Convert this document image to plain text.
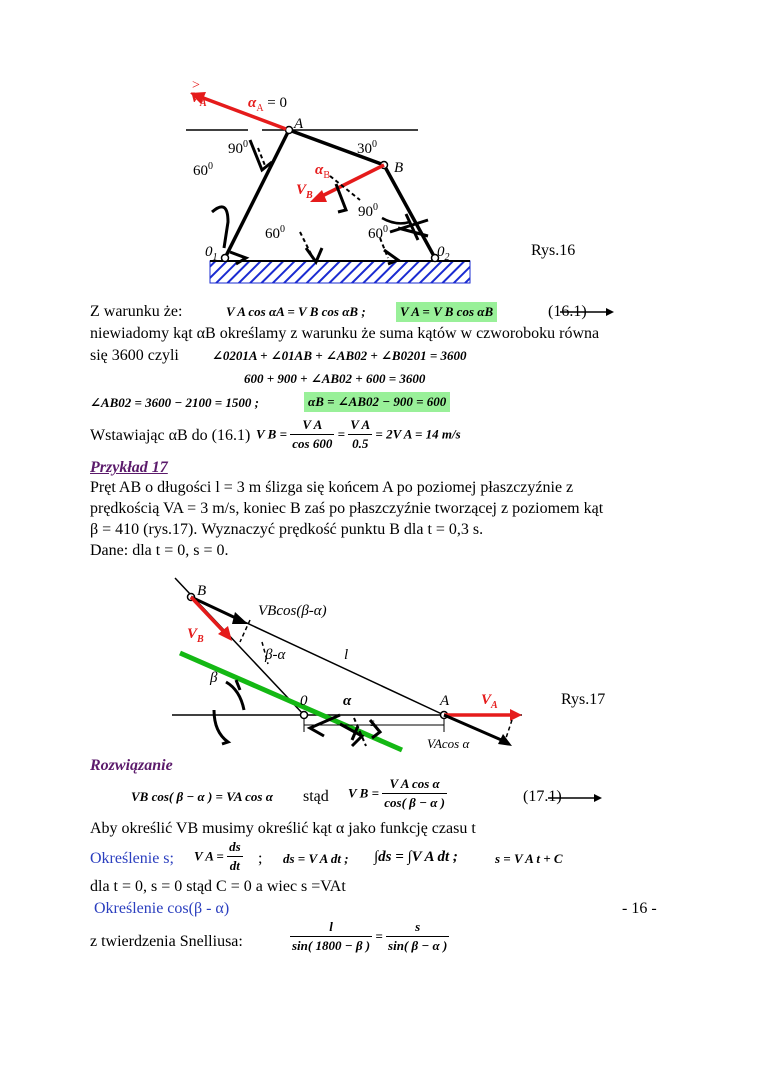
$V_A$
>
$\alpha_A = 0$
A
$90^0$	$30^0$
$60^0$	$\alpha_B$	B
$V_B$
$90^0$
$60^0$	$60^0$
$0_1$	$0_2$	Rys.16
Z warunku że:	V A cos αA = V B cos αB ;	V A = V B cos αB	(16.1)
niewiadomy kąt αB określamy z warunku że suma kątów w czworoboku równa
się 3600 czyli	∠0201A + ∠01AB + ∠AB02 + ∠B0201 = 3600
600 + 900 + ∠AB02 + 600 = 3600
∠AB02 = 3600 − 2100 = 1500 ;	αB = ∠AB02 − 900 = 600
Wstawiając αB do (16.1) V $B = \frac{\text{V A}}{\cos 600} = \frac{\text{V A}}{0.5} = 2V$ A = 14 m/s
Przykład 17
Pręt AB o długości l = 3 m ślizga się końcem A po poziomej płaszczyźnie z
prędkością VA = 3 m/s, koniec B zaś po płaszczyźnie tworzącej z poziomem kąt
β = 410 (rys.17). Wyznaczyć prędkość punktu B dla t = 0,3 s.
Dane: dla t = 0, s = 0.
B
VBcos(β-α)
$V_B$
β-α	l
β
0 α	A $V_A$
s
VAcos α
Rys.17
Rozwiązanie
VB cos( β − α ) = VA cos α stąd V $B = \frac{\text{V A cos α}}{\cos( \beta - \alpha )}$	(17.1)
Aby określić VB musimy określić kąt α jako funkcję czasu t
Określenie s; V $A = \frac{ds}{dt}$ ; ds = V A dt ; ∫ds = ∫V A dt ;	s = V A t + C
dla t = 0, s = 0 stąd C = 0 a wiec s =VAt
Określenie cos(β - α)	- 16 -
z twierdzenia Snelliusa:	$\frac{l}{\sin( 1800 - \beta )} = \frac{s}{\sin( \beta - \alpha )}$
